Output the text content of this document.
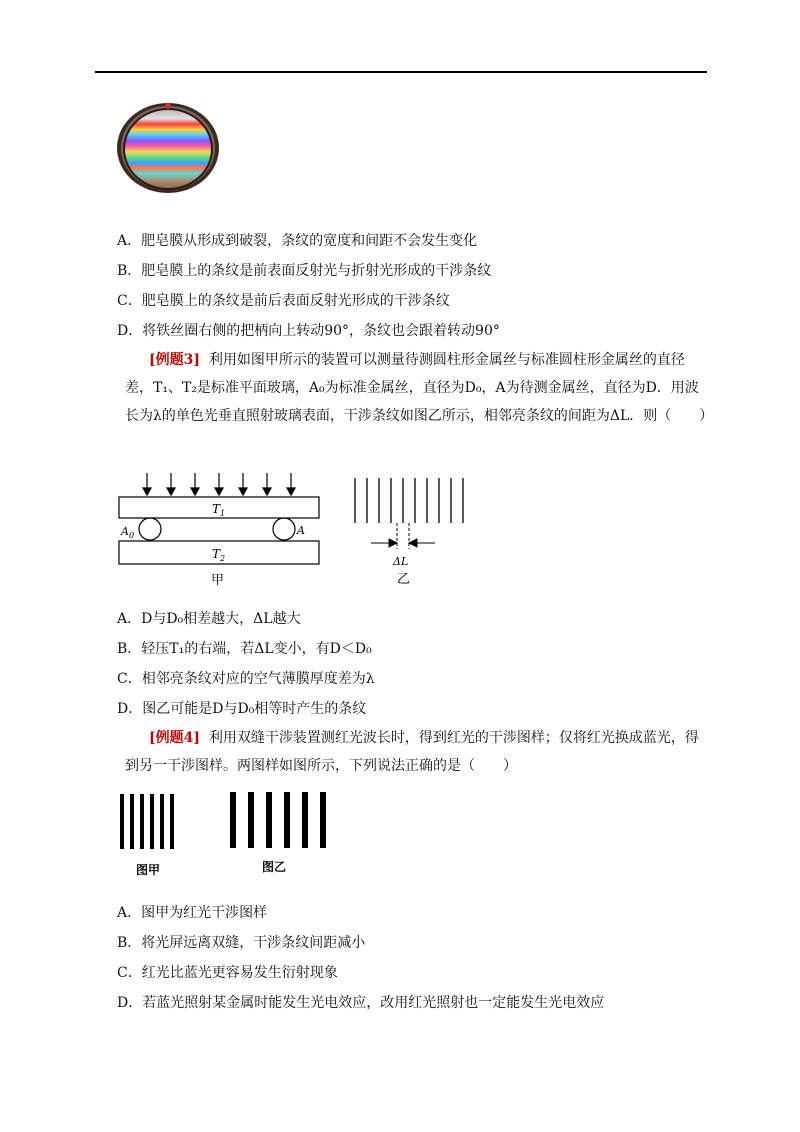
A．肥皂膜从形成到破裂，条纹的宽度和间距不会发生变化
B．肥皂膜上的条纹是前表面反射光与折射光形成的干涉条纹
C．肥皂膜上的条纹是前后表面反射光形成的干涉条纹
D．将铁丝圈右侧的把柄向上转动90°，条纹也会跟着转动90°
[例题3] 利用如图甲所示的装置可以测量待测圆柱形金属丝与标准圆柱形金属丝的直径差，T₁、T₂是标准平面玻璃，A₀为标准金属丝，直径为D₀，A为待测金属丝，直径为D．用波长为λ的单色光垂直照射玻璃表面，干涉条纹如图乙所示，相邻亮条纹的间距为ΔL．则（　　）
$T_1$
$T_2$
$A_0$	A
甲
ΔL
乙
A．D与D₀相差越大，ΔL越大
B．轻压T₁的右端，若ΔL变小，有D＜D₀
C．相邻亮条纹对应的空气薄膜厚度差为λ
D．图乙可能是D与D₀相等时产生的条纹
[例题4] 利用双缝干涉装置测红光波长时，得到红光的干涉图样；仅将红光换成蓝光，得到另一干涉图样。两图样如图所示，下列说法正确的是（　　）
图甲	图乙
A．图甲为红光干涉图样
B．将光屏远离双缝，干涉条纹间距减小
C．红光比蓝光更容易发生衍射现象
D．若蓝光照射某金属时能发生光电效应，改用红光照射也一定能发生光电效应
